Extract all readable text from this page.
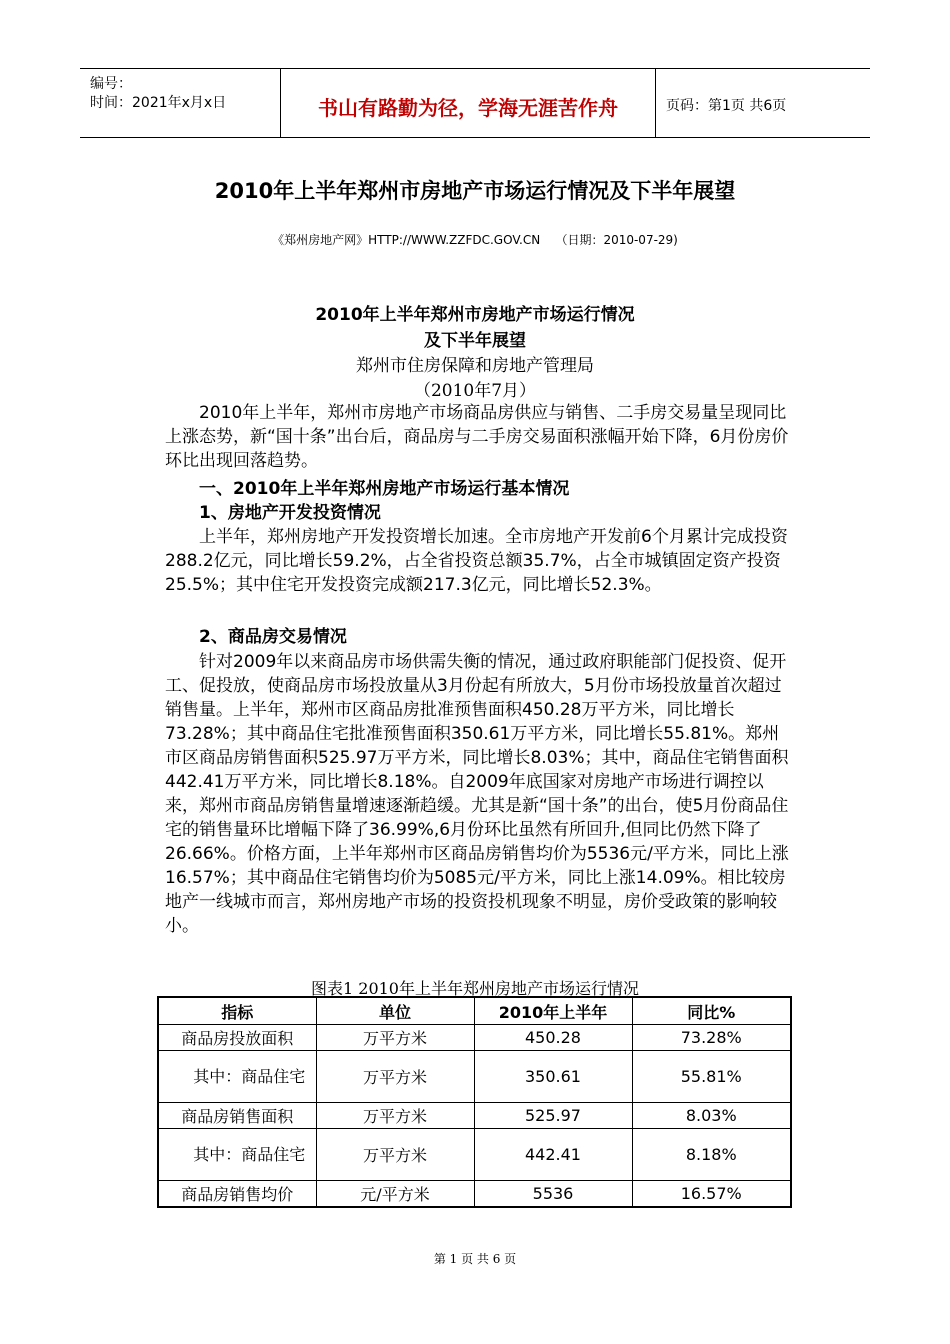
编号：
时间：2021年x月x日	书山有路勤为径，学海无涯苦作舟	页码：第1页 共6页
2010年上半年郑州市房地产市场运行情况及下半年展望
《郑州房地产网》HTTP://WWW.ZZFDC.GOV.CN （日期：2010-07-29)
2010年上半年郑州市房地产市场运行情况
及下半年展望
郑州市住房保障和房地产管理局
（2010年7月）

2010年上半年，郑州市房地产市场商品房供应与销售、二手房交易量呈现同比上涨态势，新“国十条”出台后，商品房与二手房交易面积涨幅开始下降，6月份房价环比出现回落趋势。

一、2010年上半年郑州房地产市场运行基本情况

1、房地产开发投资情况

上半年，郑州房地产开发投资增长加速。全市房地产开发前6个月累计完成投资288.2亿元，同比增长59.2%，占全省投资总额35.7%，占全市城镇固定资产投资25.5%；其中住宅开发投资完成额217.3亿元，同比增长52.3%。

2、商品房交易情况

针对2009年以来商品房市场供需失衡的情况，通过政府职能部门促投资、促开工、促投放，使商品房市场投放量从3月份起有所放大，5月份市场投放量首次超过销售量。上半年，郑州市区商品房批准预售面积450.28万平方米，同比增长73.28%；其中商品住宅批准预售面积350.61万平方米，同比增长55.81%。郑州市区商品房销售面积525.97万平方米，同比增长8.03%；其中，商品住宅销售面积442.41万平方米，同比增长8.18%。自2009年底国家对房地产市场进行调控以来，郑州市商品房销售量增速逐渐趋缓。尤其是新“国十条”的出台，使5月份商品住宅的销售量环比增幅下降了36.99%,6月份环比虽然有所回升,但同比仍然下降了26.66%。价格方面，上半年郑州市区商品房销售均价为5536元/平方米，同比上涨16.57%；其中商品住宅销售均价为5085元/平方米，同比上涨14.09%。相比较房地产一线城市而言，郑州房地产市场的投资投机现象不明显，房价受政策的影响较小。

图表1 2010年上半年郑州房地产市场运行情况
指标	单位	2010年上半年	同比%
商品房投放面积	万平方米	450.28	73.28%
其中：商品住宅	万平方米	350.61	55.81%
商品房销售面积	万平方米	525.97	8.03%
其中：商品住宅	万平方米	442.41	8.18%
商品房销售均价	元/平方米	5536	16.57%
第 1 页 共 6 页
